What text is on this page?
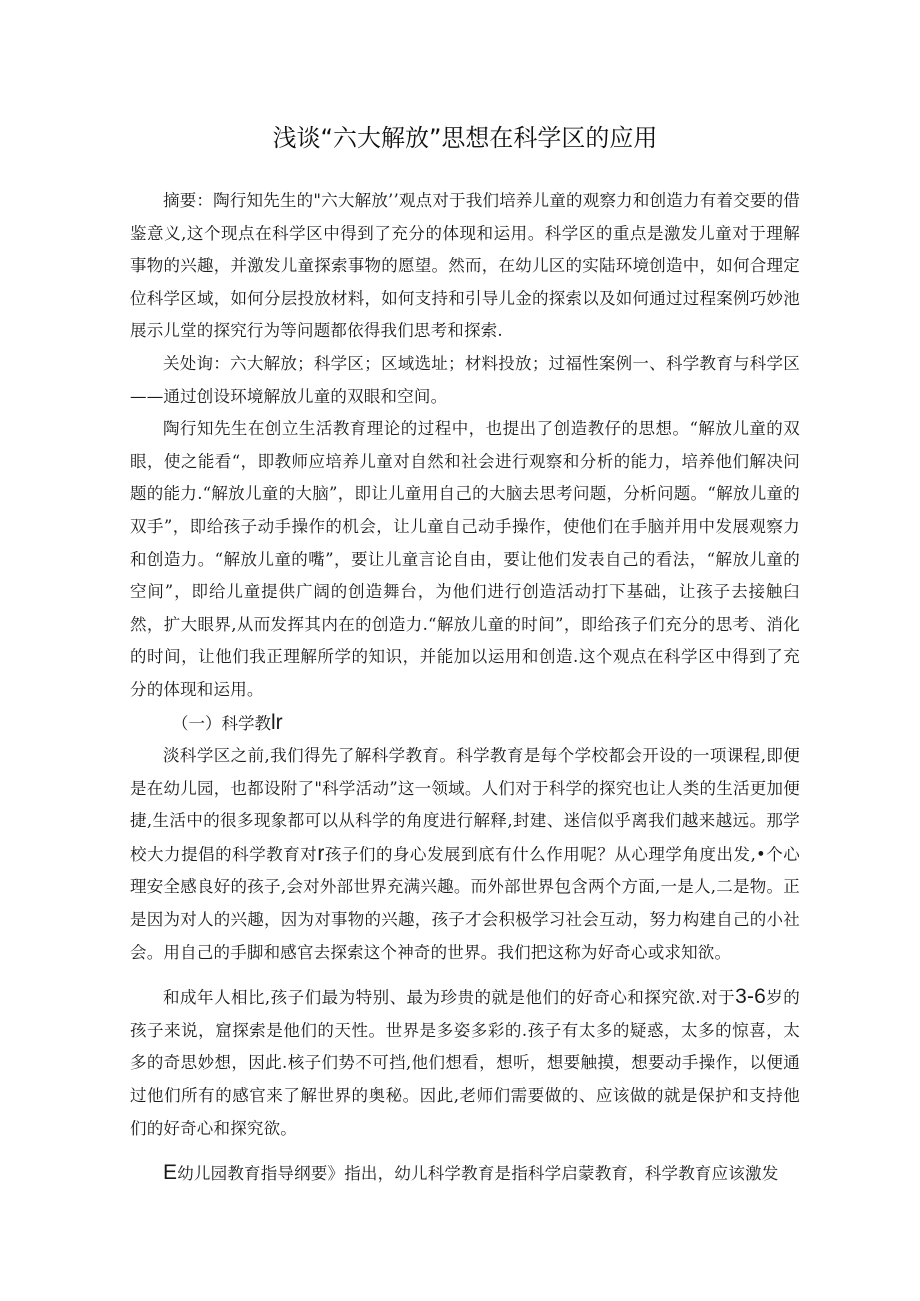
浅谈“六大解放”思想在科学区的应用

摘要：陶行知先生的"六大解放’’观点对于我们培养儿童的观察力和创造力有着交要的借鉴意义,这个现点在科学区中得到了充分的体现和运用。科学区的重点是激发儿童对于理解事物的兴趣，并激发儿童探索事物的愿望。然而，在幼儿区的实陆环境创造中，如何合理定位科学区域，如何分层投放材料，如何支持和引导儿金的探索以及如何通过过程案例巧妙池展示儿堂的探究行为等问题都依得我们思考和探索.

关处询：六大解放；科学区；区域选址；材料投放；过福性案例一、科学教育与科学区——通过创设环境解放儿童的双眼和空间。

陶行知先生在创立生活教育理论的过程中，也提出了创造教仔的思想。“解放儿童的双眼，使之能看“，即教师应培养儿童对自然和社会进行观察和分析的能力，培养他们解决问题的能力.“解放儿童的大脑”，即让儿童用自己的大脑去思考问题，分析问题。“解放儿童的双手”，即给孩子动手操作的机会，让儿童自己动手操作，使他们在手脑并用中发展观察力和创造力。“解放儿童的嘴”，要让儿童言论自由，要让他们发表自己的看法，“解放儿童的空间”，即给儿童提供广阔的创造舞台，为他们进行创造活动打下基础，让孩子去接触臼然，扩大眼界,从而发挥其内在的创造力.“解放儿童的时间”，即给孩子们充分的思考、消化的时间，让他们我正理解所学的知识，并能加以运用和创造.这个观点在科学区中得到了充分的体现和运用。

（一）科学教lr

淡科学区之前,我们得先了解科学教育。科学教育是每个学校都会开设的一项课程,即便是在幼儿园，也都设附了"科学活动”这一领域。人们对于科学的探究也让人类的生活更加便捷,生活中的很多现象都可以从科学的角度进行解释,封建、迷信似乎离我们越来越远。那学校大力提倡的科学教育对r孩子们的身心发展到底有什么作用呢？从心理学角度出发,•个心理安全感良好的孩子,会对外部世界充满兴趣。而外部世界包含两个方面,一是人,二是物。正是因为对人的兴趣，因为对事物的兴趣，孩子才会积极学习社会互动，努力构建自己的小社会。用自己的手脚和感官去探索这个神奇的世界。我们把这称为好奇心或求知欲。

和成年人相比,孩子们最为特别、最为珍贵的就是他们的好奇心和探究欲.对于3-6岁的孩子来说，窟探索是他们的天性。世界是多姿多彩的.孩子有太多的疑惑，太多的惊喜，太多的奇思妙想，因此.核子们势不可挡,他们想看，想听，想要触摸，想要动手操作，以便通过他们所有的感官来了解世界的奥秘。因此,老师们需要做的、应该做的就是保护和支持他们的好奇心和探究欲。

E幼儿园教育指导纲要》指出，幼儿科学教育是指科学启蒙教育，科学教育应该激发
